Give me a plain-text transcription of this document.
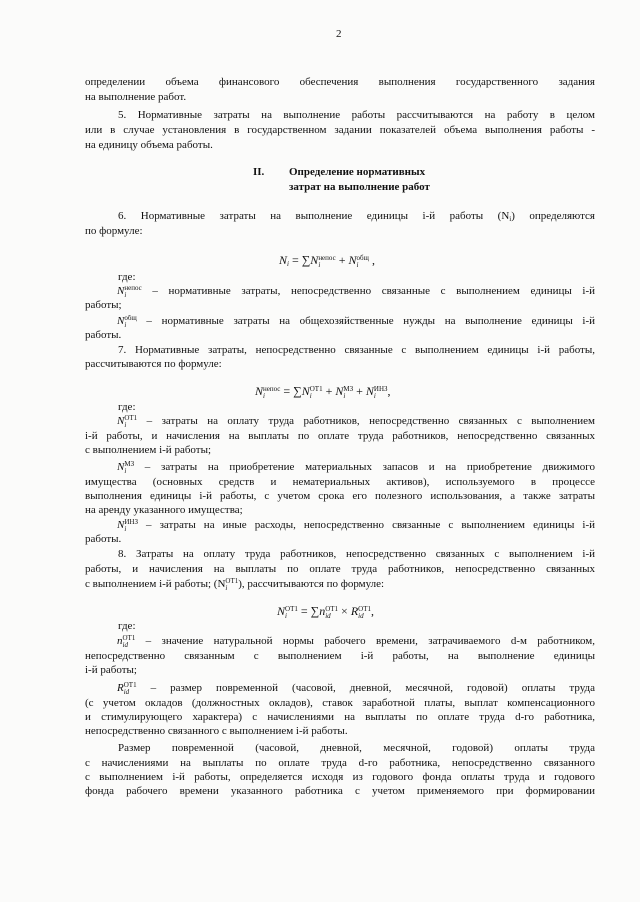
2
определении объема финансового обеспечения выполнения государственного задания
на выполнение работ.
5. Нормативные затраты на выполнение работы рассчитываются на работу в целом
или в случае установления в государственном задании показателей объема выполнения работы -
на единицу объема работы.
II. Определение нормативных
затрат на выполнение работ
6. Нормативные затраты на выполнение единицы i-й работы $(N_i)$ определяются
по формуле:
$N_i = \sum N$ непос
i	+ N общ
i ,
где:
N непос
i	– нормативные затраты, непосредственно связанные с выполнением единицы i-й
работы;
N общ
i – нормативные затраты на общехозяйственные нужды на выполнение единицы i-й
работы.
7. Нормативные затраты, непосредственно связанные с выполнением единицы i-й работы,
рассчитываются по формуле:
N непос
i	= ∑N ОТ1
i + N МЗ
i + N ИНЗ
i ,
где:
N ОТ1
i – затраты на оплату труда работников, непосредственно связанных с выполнением
i-й работы, и начисления на выплаты по оплате труда работников, непосредственно связанных
с выполнением i-й работы;
N МЗ
i – затраты на приобретение материальных запасов и на приобретение движимого
имущества (основных средств и нематериальных активов), используемого в процессе
выполнения единицы i-й работы, с учетом срока его полезного использования, а также затраты
на аренду указанного имущества;
N ИНЗ
i	– затраты на иные расходы, непосредственно связанные с выполнением единицы i-й
работы.
8. Затраты на оплату труда работников, непосредственно связанных с выполнением i-й
работы, и начисления на выплаты по оплате труда работников, непосредственно связанных
с выполнением i-й работы; (N ОТ1
i ), рассчитываются по формуле:
N ОТ1
i = ∑n ОТ1
id × R ОТ1
id ,
где:
n ОТ1
id – значение натуральной нормы рабочего времени, затрачиваемого d-м работником,
непосредственно связанным с выполнением i-й работы, на выполнение единицы
i-й работы;
R ОТ1
id – размер повременной (часовой, дневной, месячной, годовой) оплаты труда
(с учетом окладов (должностных окладов), ставок заработной платы, выплат компенсационного
и стимулирующего характера) с начислениями на выплаты по оплате труда d-го работника,
непосредственно связанного с выполнением i-й работы.
Размер повременной (часовой, дневной, месячной, годовой) оплаты труда
с начислениями на выплаты по оплате труда d-го работника, непосредственно связанного
с выполнением i-й работы, определяется исходя из годового фонда оплаты труда и годового
фонда рабочего времени указанного работника с учетом применяемого при формировании
